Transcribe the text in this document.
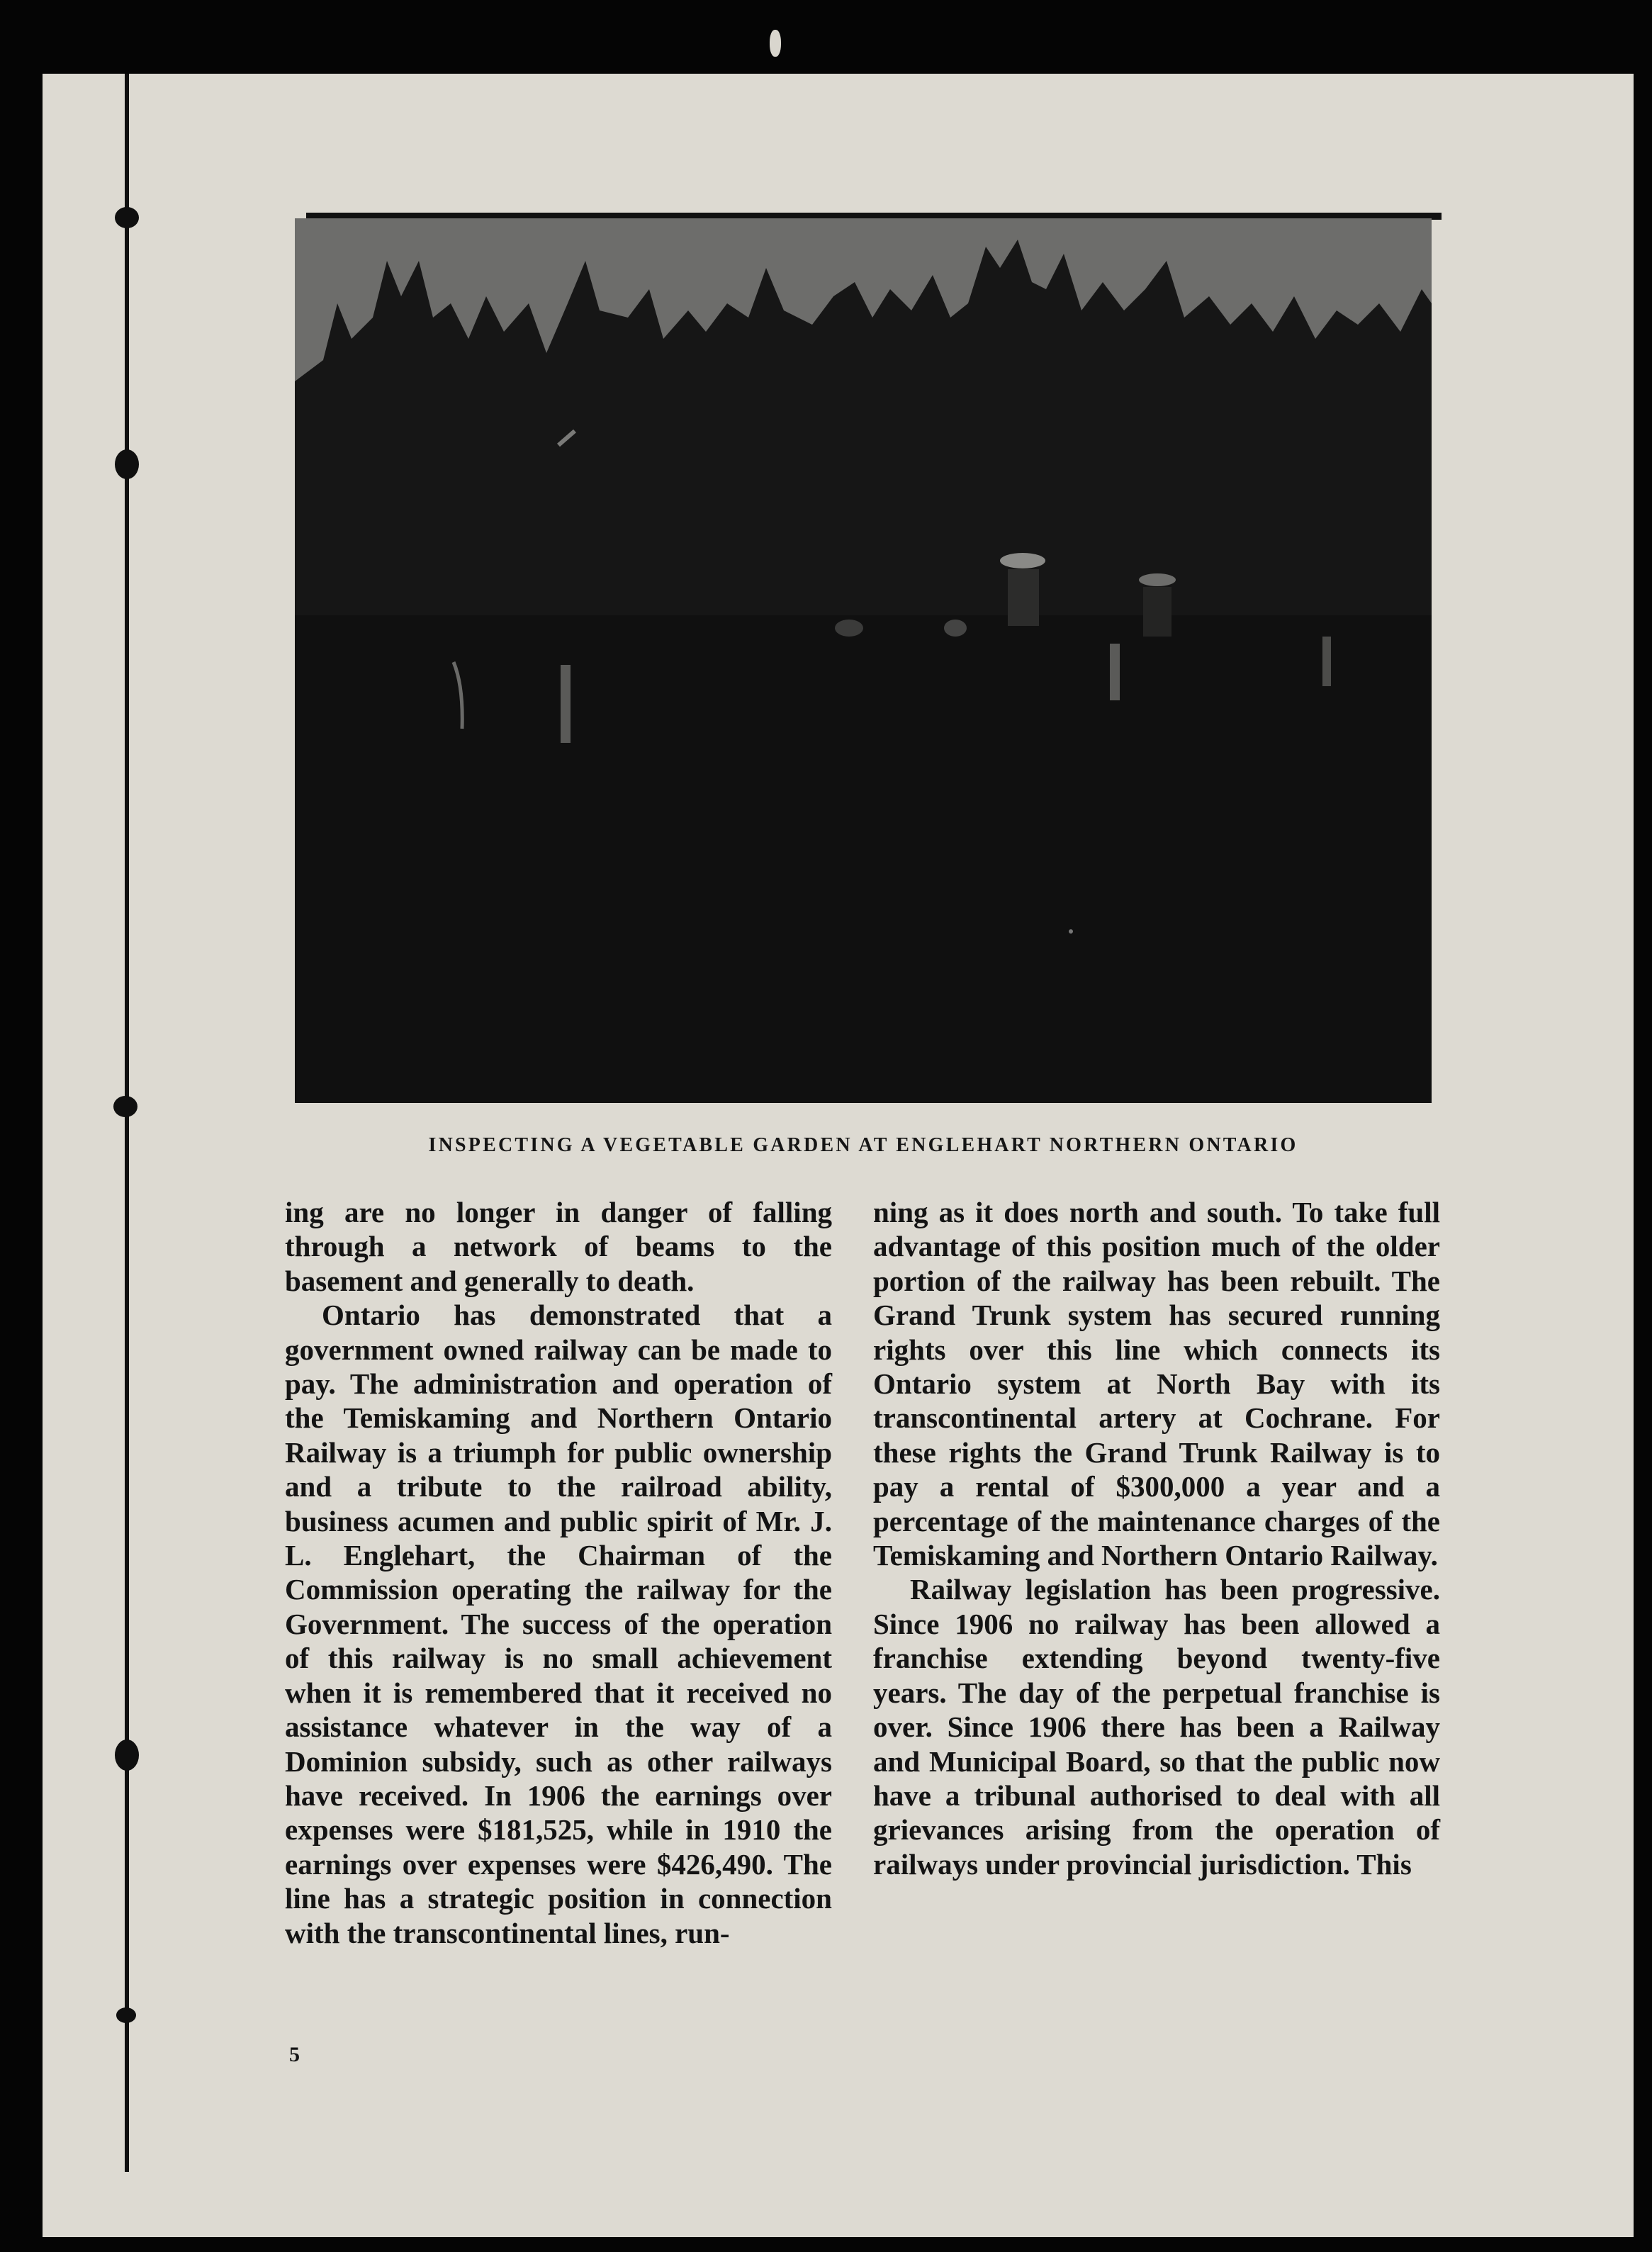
INSPECTING A VEGETABLE GARDEN AT ENGLEHART NORTHERN ONTARIO

ing are no longer in danger of falling through a network of beams to the basement and generally to death.

Ontario has demonstrated that a government owned railway can be made to pay. The administration and operation of the Temiskaming and Northern Ontario Railway is a triumph for public ownership and a tribute to the railroad ability, business acumen and public spirit of Mr. J. L. Englehart, the Chairman of the Commission operating the railway for the Government. The success of the operation of this railway is no small achievement when it is remembered that it received no assistance whatever in the way of a Dominion subsidy, such as other railways have received. In 1906 the earnings over expenses were $181,525, while in 1910 the earnings over expenses were $426,490. The line has a strategic position in connection with the transcontinental lines, run-

ning as it does north and south. To take full advantage of this position much of the older portion of the railway has been rebuilt. The Grand Trunk system has secured running rights over this line which connects its Ontario system at North Bay with its transcontinental artery at Cochrane. For these rights the Grand Trunk Railway is to pay a rental of $300,000 a year and a percentage of the maintenance charges of the Temiskaming and Northern Ontario Railway.

Railway legislation has been progressive. Since 1906 no railway has been allowed a franchise extending beyond twenty-five years. The day of the perpetual franchise is over. Since 1906 there has been a Railway and Municipal Board, so that the public now have a tribunal authorised to deal with all grievances arising from the operation of railways under provincial jurisdiction. This

5
